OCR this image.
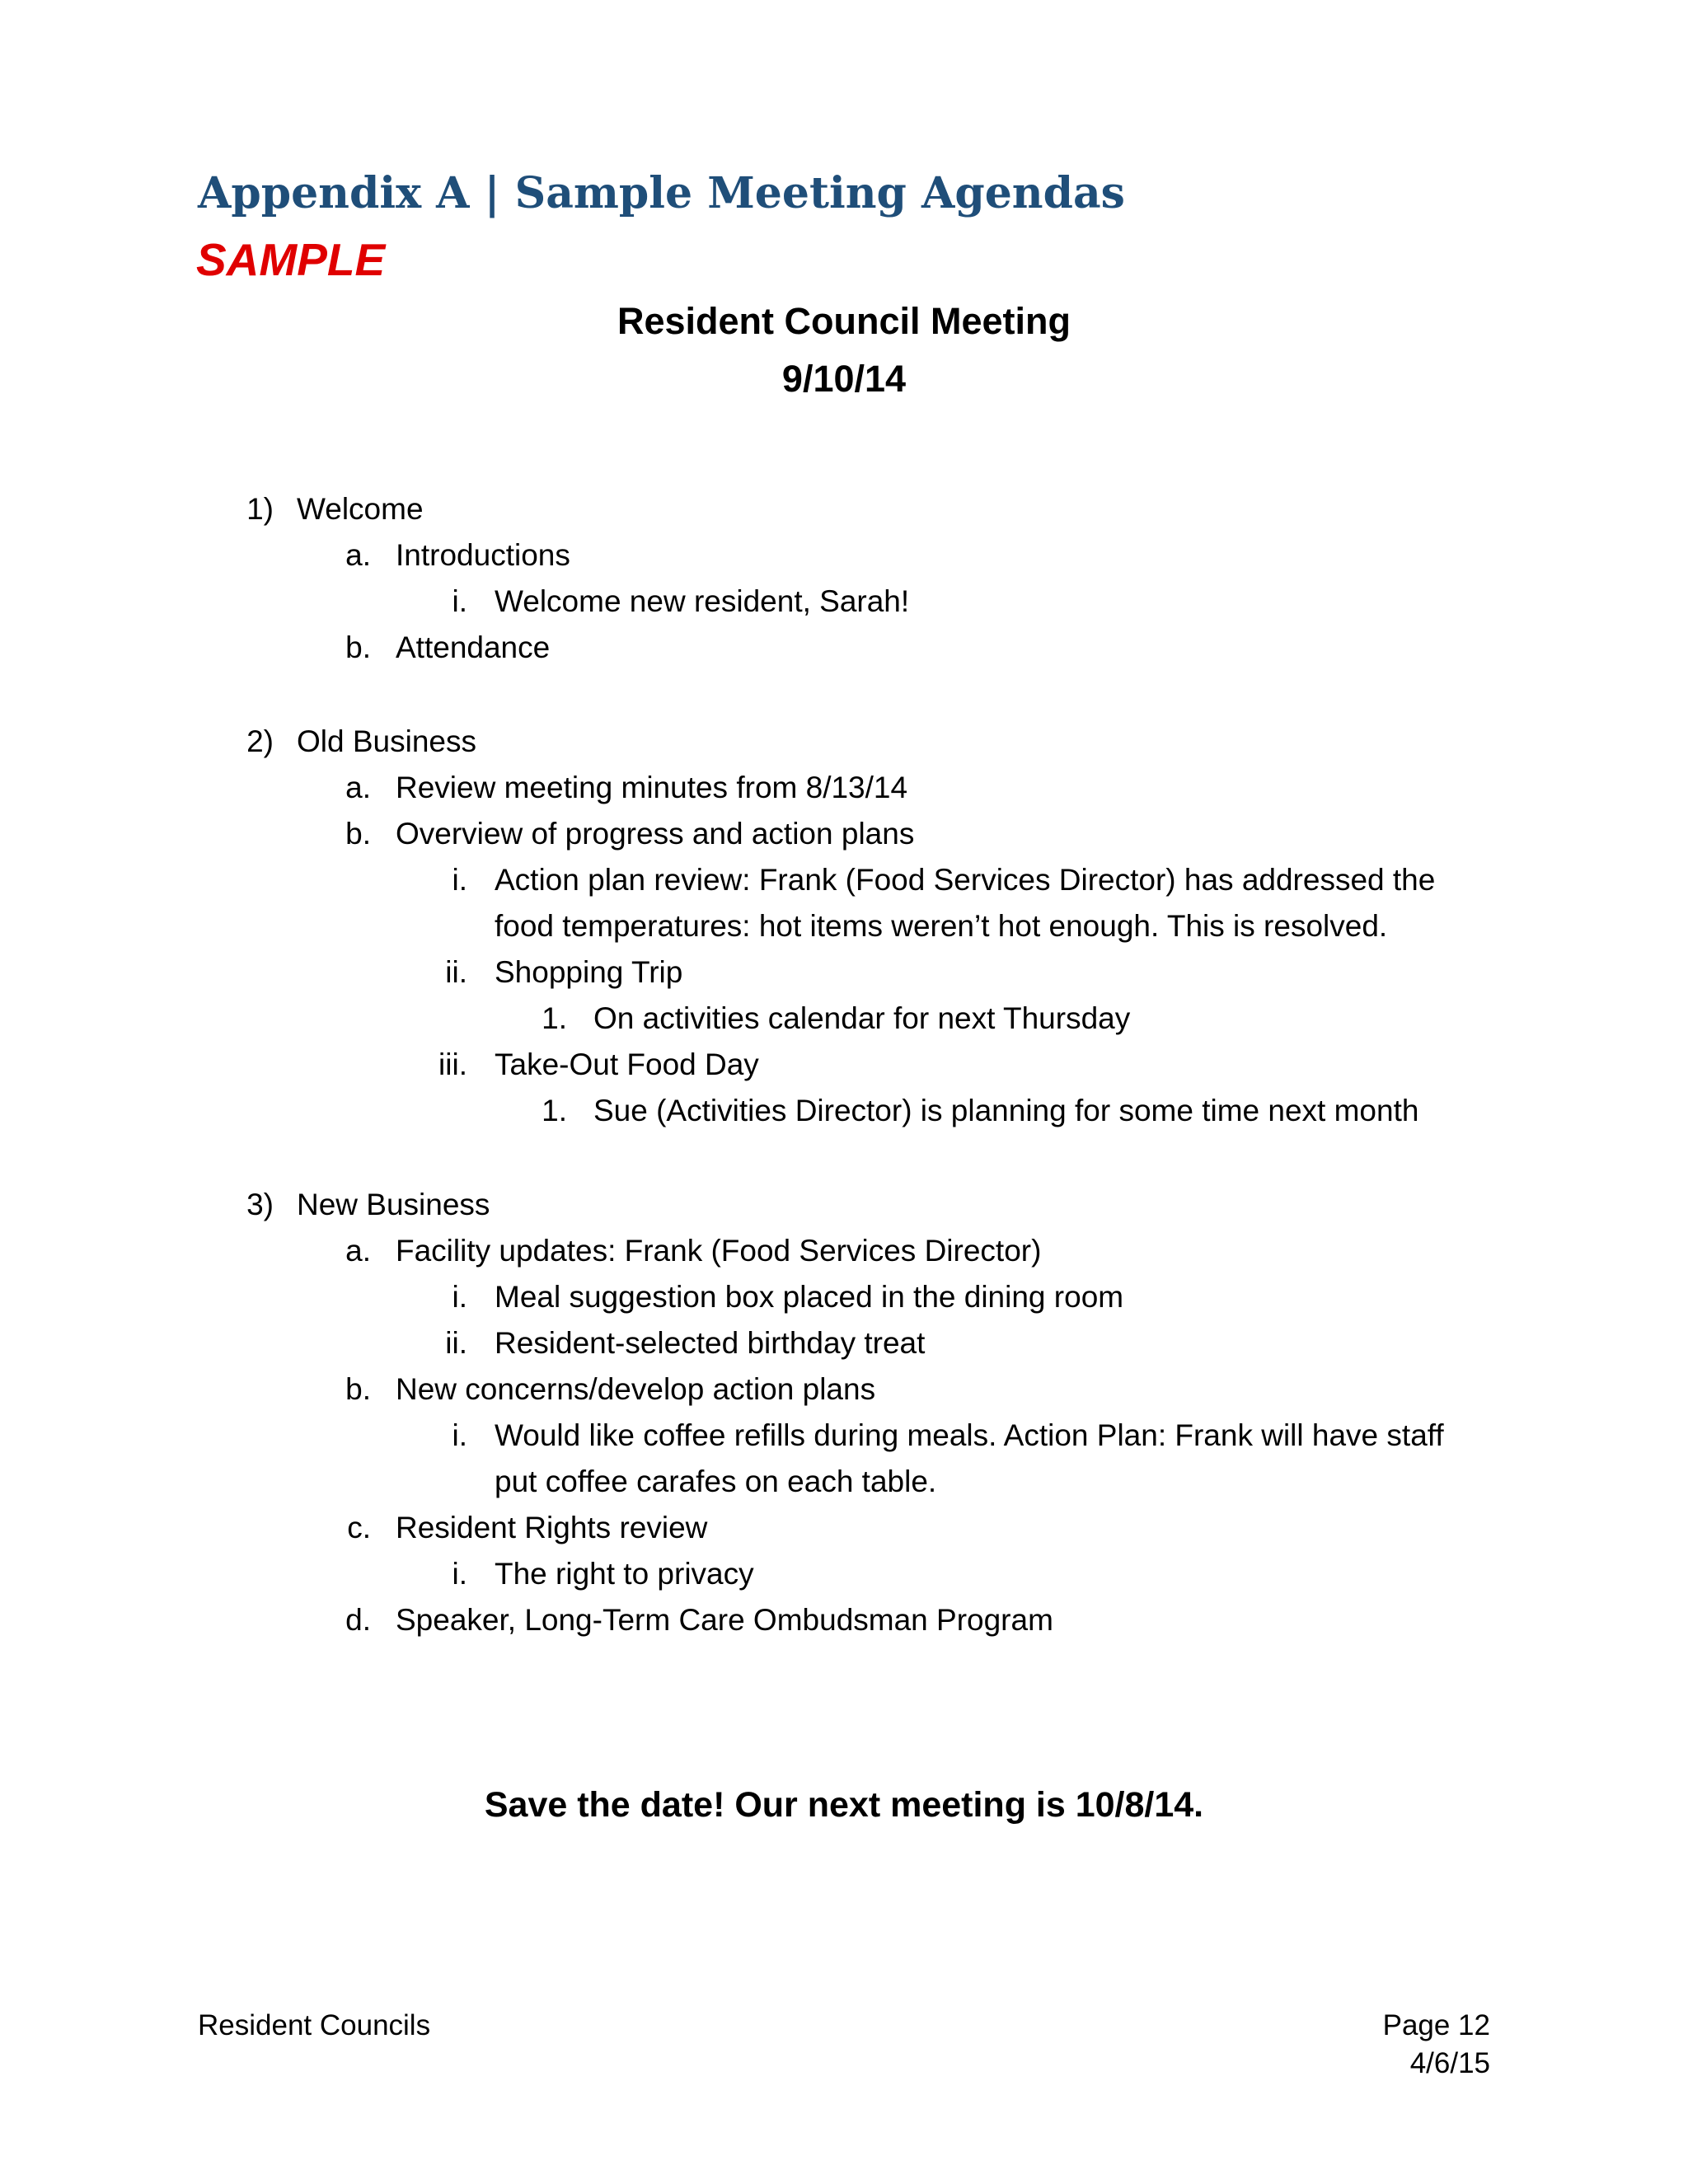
Appendix A | Sample Meeting Agendas
SAMPLE
Resident Council Meeting
9/10/14
1) Welcome
a. Introductions
i. Welcome new resident, Sarah!
b. Attendance
2) Old Business
a. Review meeting minutes from 8/13/14
b. Overview of progress and action plans
i. Action plan review: Frank (Food Services Director) has addressed the
food temperatures: hot items weren’t hot enough. This is resolved.
ii. Shopping Trip
1. On activities calendar for next Thursday
iii. Take-Out Food Day
1. Sue (Activities Director) is planning for some time next month
3) New Business
a. Facility updates: Frank (Food Services Director)
i. Meal suggestion box placed in the dining room
ii. Resident-selected birthday treat
b. New concerns/develop action plans
i. Would like coffee refills during meals. Action Plan: Frank will have staff
put coffee carafes on each table.
c. Resident Rights review
i. The right to privacy
d. Speaker, Long-Term Care Ombudsman Program
Save the date! Our next meeting is 10/8/14.
Resident Councils	Page 12
4/6/15
